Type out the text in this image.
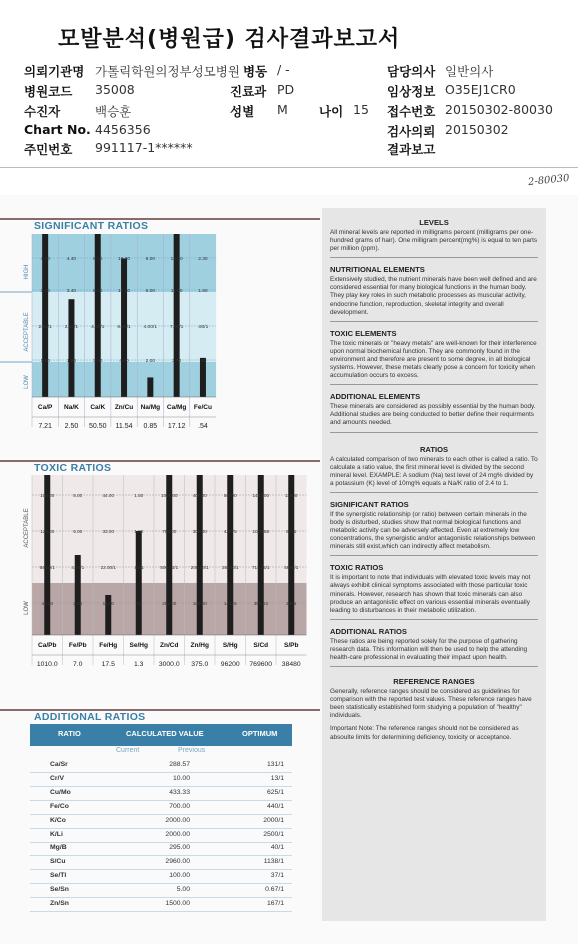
모발분석(병원급) 검사결과보고서
의뢰기관명 가톨릭학원의정부성모병원 병동 / -	담당의사 일반의사
병원코드 35008	진료과 PD	임상정보 O35EJ1CR0
수진자	백승훈	성별 M 나이 15 접수번호 20150302-80030
Chart No. 4456356	검사의뢰 20150302
주민번호 991117-1******	결과보고
2-80030
SIGNIFICANT RATIOS
HIGH
ACCEPTABLE
LOW
4.00
3.00
2.50/1
1.80
Ca/P
7.21
4.40
3.40
2.40/1
1.80
Na/K
2.50
8.00
6.00
4.50/1
3.00
Ca/K
50.50
16.00
12.00
8.00/1
4.00
Zn/Cu
11.54
8.00
6.00
4.00/1
2.00
Na/Mg
0.85
16.00
11.00
7.00/1
3.00
Ca/Mg
17.12
2.30
1.60
.50/1
.90
Fe/Cu
.54
TOXIC RATIOS
ACCEPTABLE
LOW
100.00
120.00
84.00/1
42.00
Ca/Pb
1010.0
8.00
6.00
4.40/1
2.20
Fe/Pb
7.0
44.00
33.00
22.00/1
11.00
Fe/Hg
17.5
1.50
1.20
.80/1
.40
Se/Hg
1.3
1000.00
750.00
500.00/1
250.00
Zn/Cd
3000.0
400.00
300.00
200.00/1
100.00
Zn/Hg
375.0
50000
42675
28450/1
14225
S/Hg
96200
1422.00
1066.88
711.25/1
355.63
S/Cd
769600
11500
8535
5690/1
2845
S/Pb
38480
ADDITIONAL RATIOS
RATIO	CALCULATED VALUE	OPTIMUM
Current	Previous
Ca/Sr	288.57	131/1
Cr/V	10.00	13/1
Cu/Mo	433.33	625/1
Fe/Co	700.00	440/1
K/Co	2000.00	2000/1
K/Li	2000.00	2500/1
Mg/B	295.00	40/1
S/Cu	2960.00	1138/1
Se/Tl	100.00	37/1
Se/Sn	5.00	0.67/1
Zn/Sn	1500.00	167/1
LEVELS
All mineral levels are reported in milligrams percent (milligrams per one-hundred grams of hair). One milligram percent(mg%) is equal to ten parts per million (ppm).
NUTRITIONAL ELEMENTS
Extensively studied, the nutrient minerals have been well defined and are considered essential for many biological functions in the human body. They play key roles in such metabolic processes as muscular activity, endocrine function, reproduction, skeletal integrity and overall development.
TOXIC ELEMENTS
The toxic minerals or "heavy metals" are well-known for their interference upon normal biochemical function. They are commonly found in the environment and therefore are present to some degree, in all biological systems. However, these metals clearly pose a concern for toxicity when accumulation occurs to excess.
ADDITIONAL ELEMENTS
These minerals are considered as possibly essential by the human body. Additional studies are being conducted to better define their requirments and amounts needed.
RATIOS
A calculated comparison of two minerals to each other is called a ratio. To calculate a ratio value, the first mineral level is divided by the second mineral level. EXAMPLE: A sodium (Na) test level of 24 mg% divided by a potassium (K) level of 10mg% equals a Na/K ratio of 2.4 to 1.
SIGNIFICANT RATIOS
If the synergistic relationship (or ratio) between certain minerals in the body is disturbed, studies show that normal biological functions and metabolic activity can be adversely affected. Even at extremely low concentrations, the synergistic and/or antagonistic relationships between minerals still exist,which can indirectly affect metabolism.
TOXIC RATIOS
It is important to note that individuals with elevated toxic levels may not always exhibit clinical symptoms associated with those particular toxic minerals. However, research has shown that toxic minerals can also produce an antagonistic effect on various essential minerals eventually leading to disturbances in their metabolic utilization.
ADDITIONAL RATIOS
These ratios are being reported solely for the purpose of gathering research data. This information will then be used to help the attending health-care professional in evaluating their impact upon health.
REFERENCE RANGES
Generally, reference ranges should be considered as guidelines for comparison with the reported test values. These reference ranges have been statistically established form studying a population of "healthy" individuals.
Important Note: The reference ranges should not be considered as absoulte limits for determining deficiency, toxicity or acceptance.
